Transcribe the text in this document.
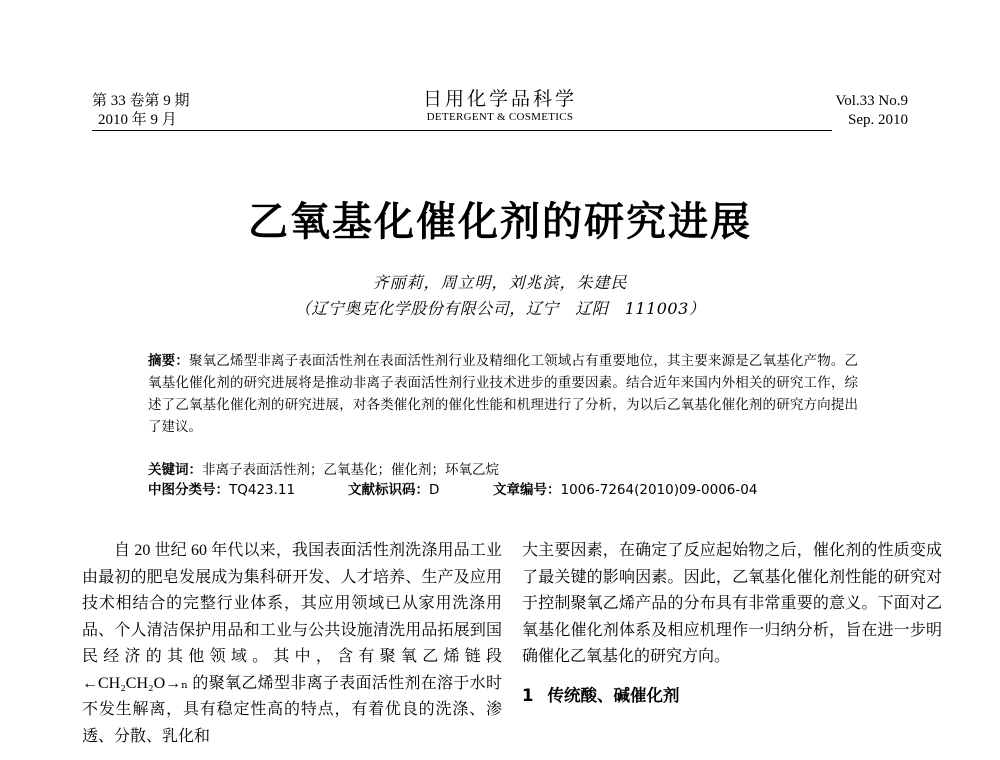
第 33 卷第 9 期
2010 年 9 月
日用化学品科学
DETERGENT & COSMETICS
Vol.33 No.9
Sep. 2010
乙氧基化催化剂的研究进展
齐丽莉，周立明，刘兆滨，朱建民
（辽宁奥克化学股份有限公司，辽宁　辽阳　111003）
摘要：聚氧乙烯型非离子表面活性剂在表面活性剂行业及精细化工领域占有重要地位，其主要来源是乙氧基化产物。乙氧基化催化剂的研究进展将是推动非离子表面活性剂行业技术进步的重要因素。结合近年来国内外相关的研究工作，综述了乙氧基化催化剂的研究进展，对各类催化剂的催化性能和机理进行了分析，为以后乙氧基化催化剂的研究方向提出了建议。
关键词：非离子表面活性剂；乙氧基化；催化剂；环氧乙烷
中图分类号：TQ423.11	文献标识码：D	文章编号：1006-7264(2010)09-0006-04

自 20 世纪 60 年代以来，我国表面活性剂洗涤用品工业由最初的肥皂发展成为集科研开发、人才培养、生产及应用技术相结合的完整行业体系，其应用领域已从家用洗涤用品、个人清洁保护用品和工业与公共设施清洗用品拓展到国民经济的其他领域。其中，含有聚氧乙烯链段←CH₂CH₂O→ₙ 的聚氧乙烯型非离子表面活性剂在溶于水时不发生解离，具有稳定性高的特点，有着优良的洗涤、渗透、分散、乳化和

大主要因素，在确定了反应起始物之后，催化剂的性质变成了最关键的影响因素。因此，乙氧基化催化剂性能的研究对于控制聚氧乙烯产品的分布具有非常重要的意义。下面对乙氧基化催化剂体系及相应机理作一归纳分析，旨在进一步明确催化乙氧基化的研究方向。

1 传统酸、碱催化剂
